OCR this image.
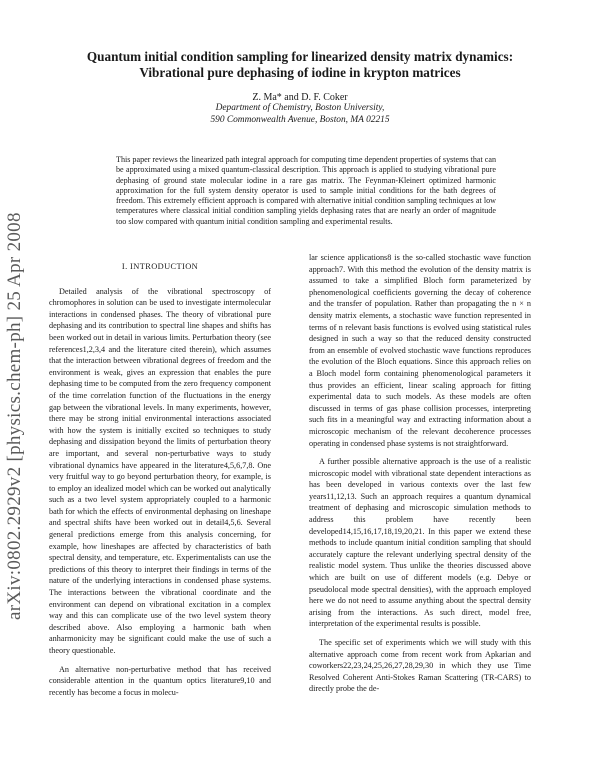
arXiv:0802.2929v2 [physics.chem-ph] 25 Apr 2008
Quantum initial condition sampling for linearized density matrix dynamics:
Vibrational pure dephasing of iodine in krypton matrices
Z. Ma* and D. F. Coker
Department of Chemistry, Boston University,
590 Commonwealth Avenue, Boston, MA 02215
This paper reviews the linearized path integral approach for computing time dependent properties of systems that can be approximated using a mixed quantum-classical description. This approach is applied to studying vibrational pure dephasing of ground state molecular iodine in a rare gas matrix. The Feynman-Kleinert optimized harmonic approximation for the full system density operator is used to sample initial conditions for the bath degrees of freedom. This extremely efficient approach is compared with alternative initial condition sampling techniques at low temperatures where classical initial condition sampling yields dephasing rates that are nearly an order of magnitude too slow compared with quantum initial condition sampling and experimental results.
I. INTRODUCTION

Detailed analysis of the vibrational spectroscopy of chromophores in solution can be used to investigate intermolecular interactions in condensed phases. The theory of vibrational pure dephasing and its contribution to spectral line shapes and shifts has been worked out in detail in various limits. Perturbation theory (see references1,2,3,4 and the literature cited therein), which assumes that the interaction between vibrational degrees of freedom and the environment is weak, gives an expression that enables the pure dephasing time to be computed from the zero frequency component of the time correlation function of the fluctuations in the energy gap between the vibrational levels. In many experiments, however, there may be strong initial environmental interactions associated with how the system is initially excited so techniques to study dephasing and dissipation beyond the limits of perturbation theory are important, and several non-perturbative ways to study vibrational dynamics have appeared in the literature4,5,6,7,8. One very fruitful way to go beyond perturbation theory, for example, is to employ an idealized model which can be worked out analytically such as a two level system appropriately coupled to a harmonic bath for which the effects of environmental dephasing on lineshape and spectral shifts have been worked out in detail4,5,6. Several general predictions emerge from this analysis concerning, for example, how lineshapes are affected by characteristics of bath spectral density, and temperature, etc. Experimentalists can use the predictions of this theory to interpret their findings in terms of the nature of the underlying interactions in condensed phase systems. The interactions between the vibrational coordinate and the environment can depend on vibrational excitation in a complex way and this can complicate use of the two level system theory described above. Also employing a harmonic bath when anharmonicity may be significant could make the use of such a theory questionable.

An alternative non-perturbative method that has received considerable attention in the quantum optics literature9,10 and recently has become a focus in molecu-

lar science applications8 is the so-called stochastic wave function approach7. With this method the evolution of the density matrix is assumed to take a simplified Bloch form parameterized by phenomenological coefficients governing the decay of coherence and the transfer of population. Rather than propagating the n × n density matrix elements, a stochastic wave function represented in terms of n relevant basis functions is evolved using statistical rules designed in such a way so that the reduced density constructed from an ensemble of evolved stochastic wave functions reproduces the evolution of the Bloch equations. Since this approach relies on a Bloch model form containing phenomenological parameters it thus provides an efficient, linear scaling approach for fitting experimental data to such models. As these models are often discussed in terms of gas phase collision processes, interpreting such fits in a meaningful way and extracting information about a microscopic mechanism of the relevant decoherence processes operating in condensed phase systems is not straightforward.

A further possible alternative approach is the use of a realistic microscopic model with vibrational state dependent interactions as has been developed in various contexts over the last few years11,12,13. Such an approach requires a quantum dynamical treatment of dephasing and microscopic simulation methods to address this problem have recently been developed14,15,16,17,18,19,20,21. In this paper we extend these methods to include quantum initial condition sampling that should accurately capture the relevant underlying spectral density of the realistic model system. Thus unlike the theories discussed above which are built on use of different models (e.g. Debye or pseudolocal mode spectral densities), with the approach employed here we do not need to assume anything about the spectral density arising from the interactions. As such direct, model free, interpretation of the experimental results is possible.

The specific set of experiments which we will study with this alternative approach come from recent work from Apkarian and coworkers22,23,24,25,26,27,28,29,30 in which they use Time Resolved Coherent Anti-Stokes Raman Scattering (TR-CARS) to directly probe the de-
